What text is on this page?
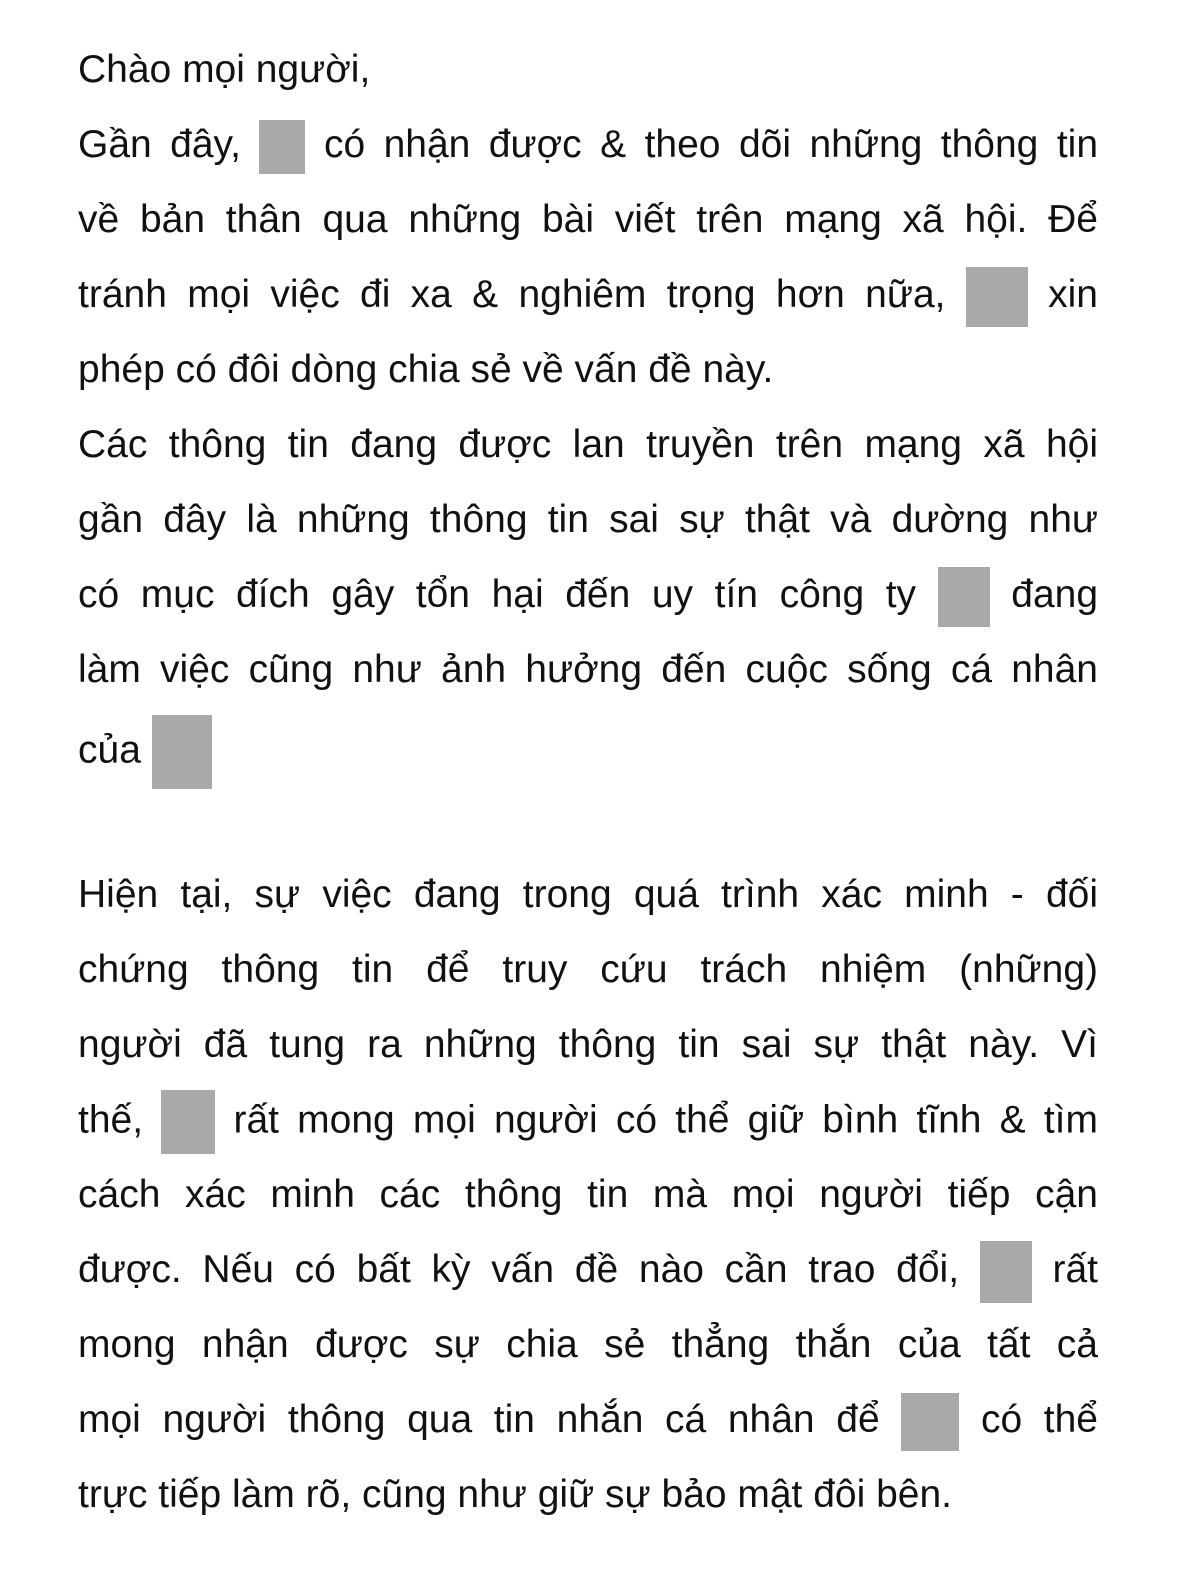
Chào mọi người,
Gần đây, có nhận được & theo dõi những thông tin
về bản thân qua những bài viết trên mạng xã hội. Để
tránh mọi việc đi xa & nghiêm trọng hơn nữa,	xin
phép có đôi dòng chia sẻ về vấn đề này.
Các thông tin đang được lan truyền trên mạng xã hội
gần đây là những thông tin sai sự thật và dường như
có mục đích gây tổn hại đến uy tín công ty đang
làm việc cũng như ảnh hưởng đến cuộc sống cá nhân
của
Hiện tại, sự việc đang trong quá trình xác minh - đối
chứng thông tin để truy cứu trách nhiệm (những)
người đã tung ra những thông tin sai sự thật này. Vì
thế, rất mong mọi người có thể giữ bình tĩnh & tìm
cách xác minh các thông tin mà mọi người tiếp cận
được. Nếu có bất kỳ vấn đề nào cần trao đổi, rất
mong nhận được sự chia sẻ thẳng thắn của tất cả
mọi người thông qua tin nhắn cá nhân để	có thể
trực tiếp làm rõ, cũng như giữ sự bảo mật đôi bên.
